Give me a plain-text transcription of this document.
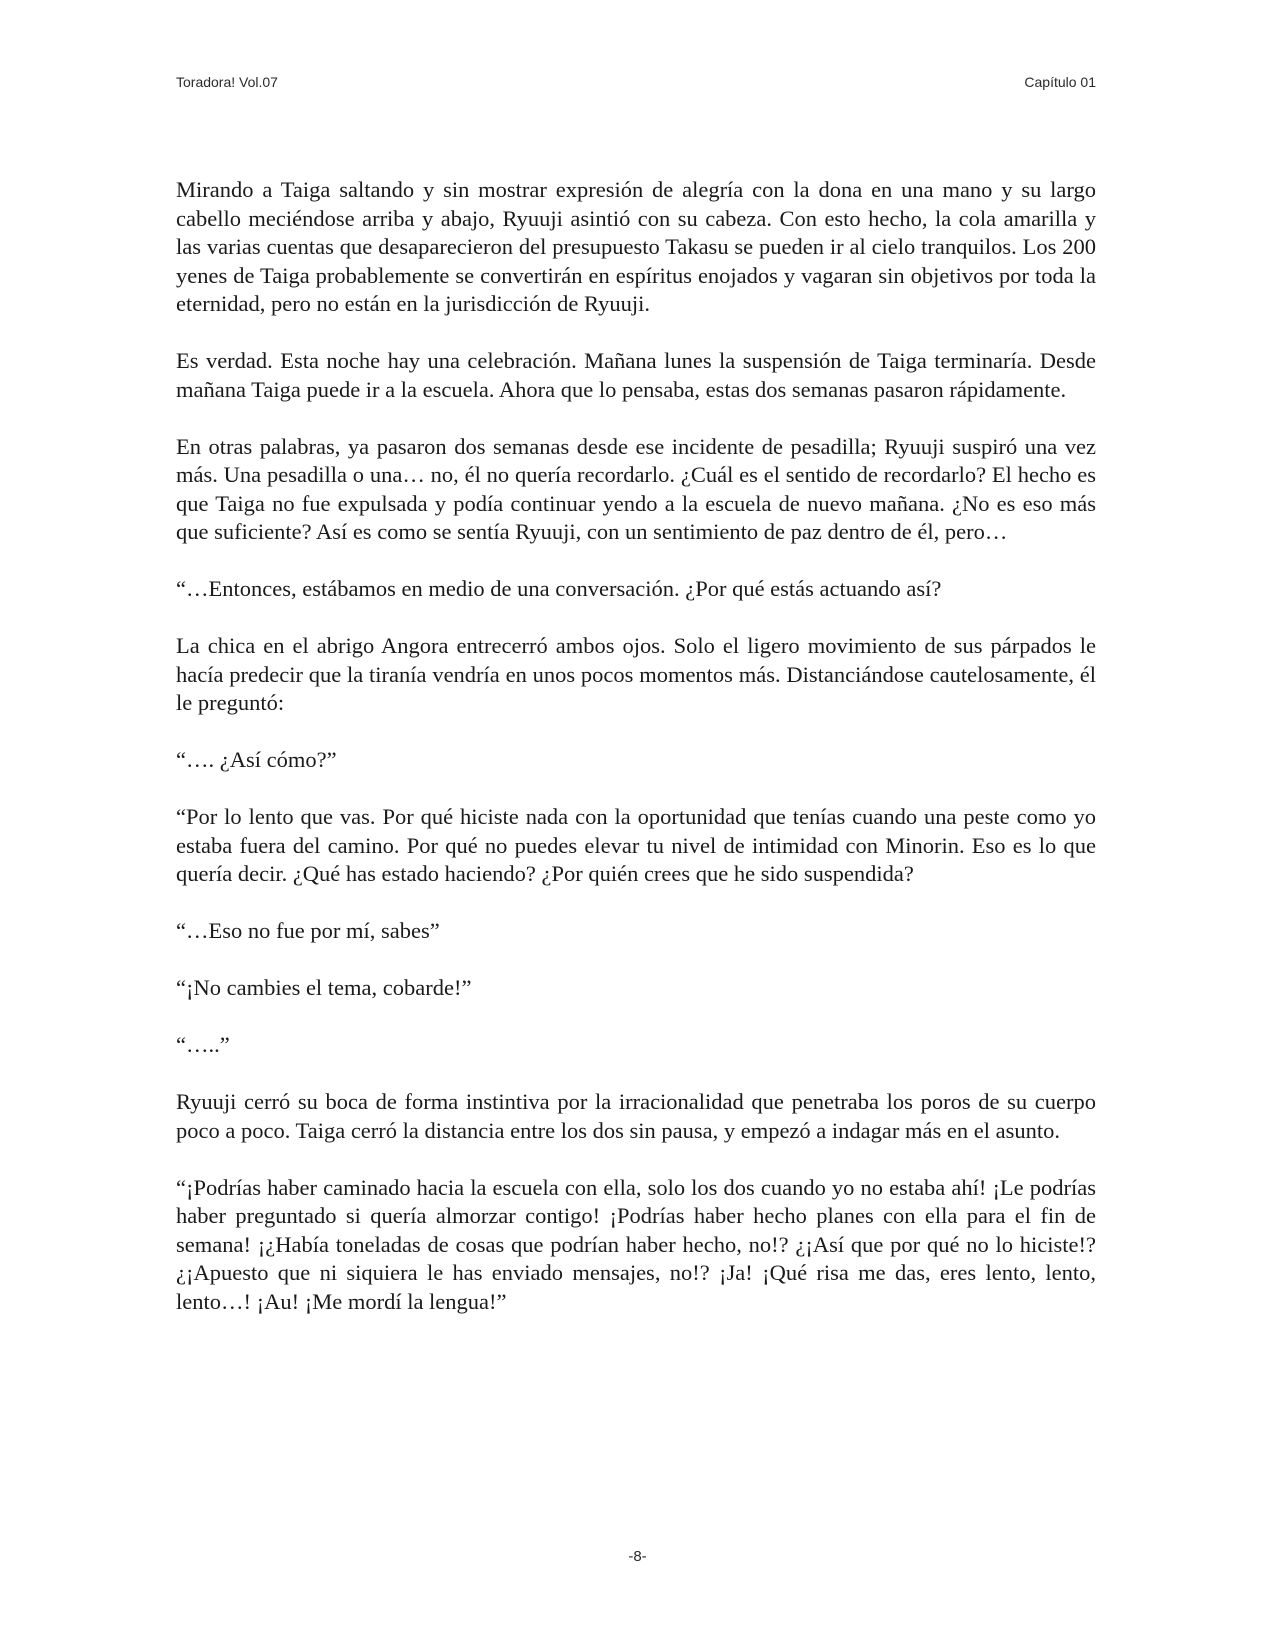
Toradora! Vol.07	Capítulo 01

Mirando a Taiga saltando y sin mostrar expresión de alegría con la dona en una mano y su largo cabello meciéndose arriba y abajo, Ryuuji asintió con su cabeza. Con esto hecho, la cola amarilla y las varias cuentas que desaparecieron del presupuesto Takasu se pueden ir al cielo tranquilos. Los 200 yenes de Taiga probablemente se convertirán en espíritus enojados y vagaran sin objetivos por toda la eternidad, pero no están en la jurisdicción de Ryuuji.

Es verdad. Esta noche hay una celebración. Mañana lunes la suspensión de Taiga terminaría. Desde mañana Taiga puede ir a la escuela. Ahora que lo pensaba, estas dos semanas pasaron rápidamente.

En otras palabras, ya pasaron dos semanas desde ese incidente de pesadilla; Ryuuji suspiró una vez más. Una pesadilla o una… no, él no quería recordarlo. ¿Cuál es el sentido de recordarlo? El hecho es que Taiga no fue expulsada y podía continuar yendo a la escuela de nuevo mañana. ¿No es eso más que suficiente? Así es como se sentía Ryuuji, con un sentimiento de paz dentro de él, pero…

“…Entonces, estábamos en medio de una conversación. ¿Por qué estás actuando así?

La chica en el abrigo Angora entrecerró ambos ojos. Solo el ligero movimiento de sus párpados le hacía predecir que la tiranía vendría en unos pocos momentos más. Distanciándose cautelosamente, él le preguntó:

“…. ¿Así cómo?”

“Por lo lento que vas. Por qué hiciste nada con la oportunidad que tenías cuando una peste como yo estaba fuera del camino. Por qué no puedes elevar tu nivel de intimidad con Minorin. Eso es lo que quería decir. ¿Qué has estado haciendo? ¿Por quién crees que he sido suspendida?

“…Eso no fue por mí, sabes”

“¡No cambies el tema, cobarde!”

“…..”

Ryuuji cerró su boca de forma instintiva por la irracionalidad que penetraba los poros de su cuerpo poco a poco. Taiga cerró la distancia entre los dos sin pausa, y empezó a indagar más en el asunto.

“¡Podrías haber caminado hacia la escuela con ella, solo los dos cuando yo no estaba ahí! ¡Le podrías haber preguntado si quería almorzar contigo! ¡Podrías haber hecho planes con ella para el fin de semana! ¡¿Había toneladas de cosas que podrían haber hecho, no!? ¿¡Así que por qué no lo hiciste!? ¿¡Apuesto que ni siquiera le has enviado mensajes, no!? ¡Ja! ¡Qué risa me das, eres lento, lento, lento…! ¡Au! ¡Me mordí la lengua!”

-8-
